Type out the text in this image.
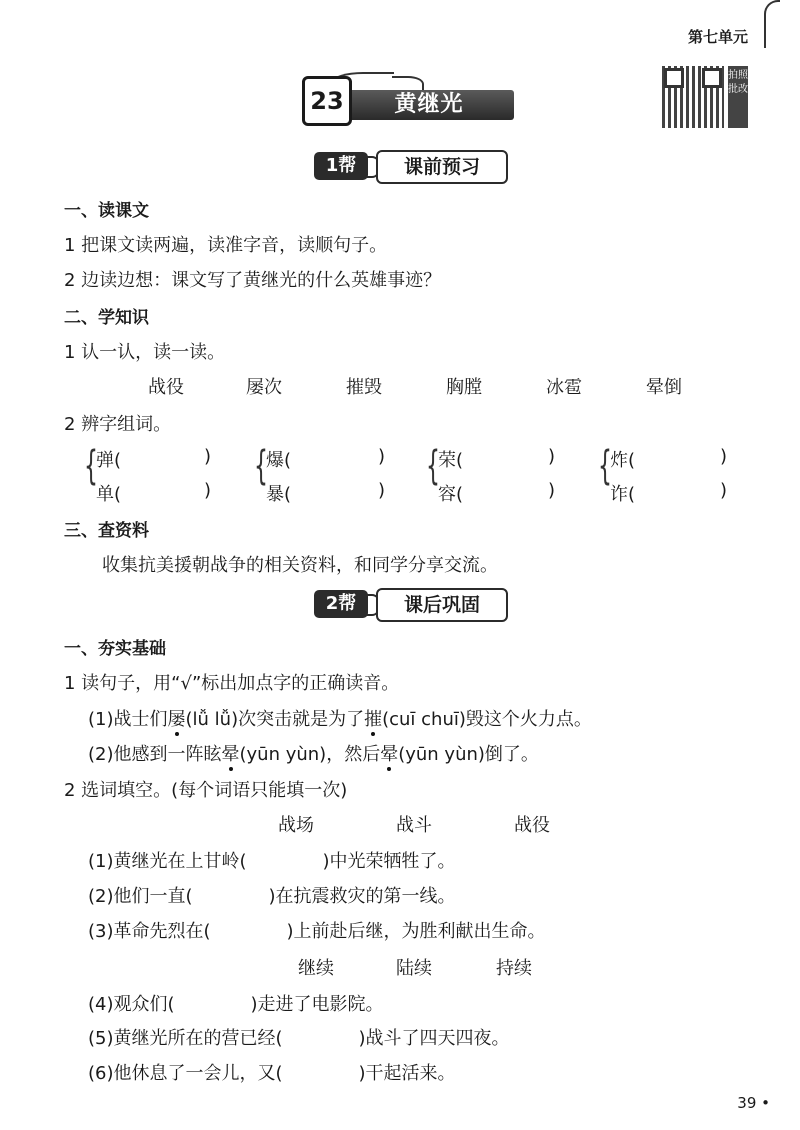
第七单元
黄继光
23
拍照批改
1帮	课前预习
一、读课文
1 把课文读两遍，读准字音，读顺句子。
2 边读边想：课文写了黄继光的什么英雄事迹？
二、学知识
1 认一认，读一读。
战役	屡次	摧毁	胸膛	冰雹	晕倒
2 辨字组词。
{
弹(	)
单(	)
{
爆(	)
暴(	)
{
荣(	)
容(	)
{
炸(	)
诈(	)
三、查资料
收集抗美援朝战争的相关资料，和同学分享交流。
2帮	课后巩固
一、夯实基础
1 读句子，用“√”标出加点字的正确读音。
(1)战士们屡(lǚ lǚ)次突击就是为了摧(cuī chuī)毁这个火力点。
(2)他感到一阵眩晕(yūn yùn)，然后晕(yūn yùn)倒了。
2 选词填空。(每个词语只能填一次)
战场	战斗	战役
(1)黄继光在上甘岭(	)中光荣牺牲了。
(2)他们一直(	)在抗震救灾的第一线。
(3)革命先烈在(	)上前赴后继，为胜利献出生命。
继续	陆续	持续
(4)观众们(	)走进了电影院。
(5)黄继光所在的营已经(	)战斗了四天四夜。
(6)他休息了一会儿，又(	)干起活来。
39 •
